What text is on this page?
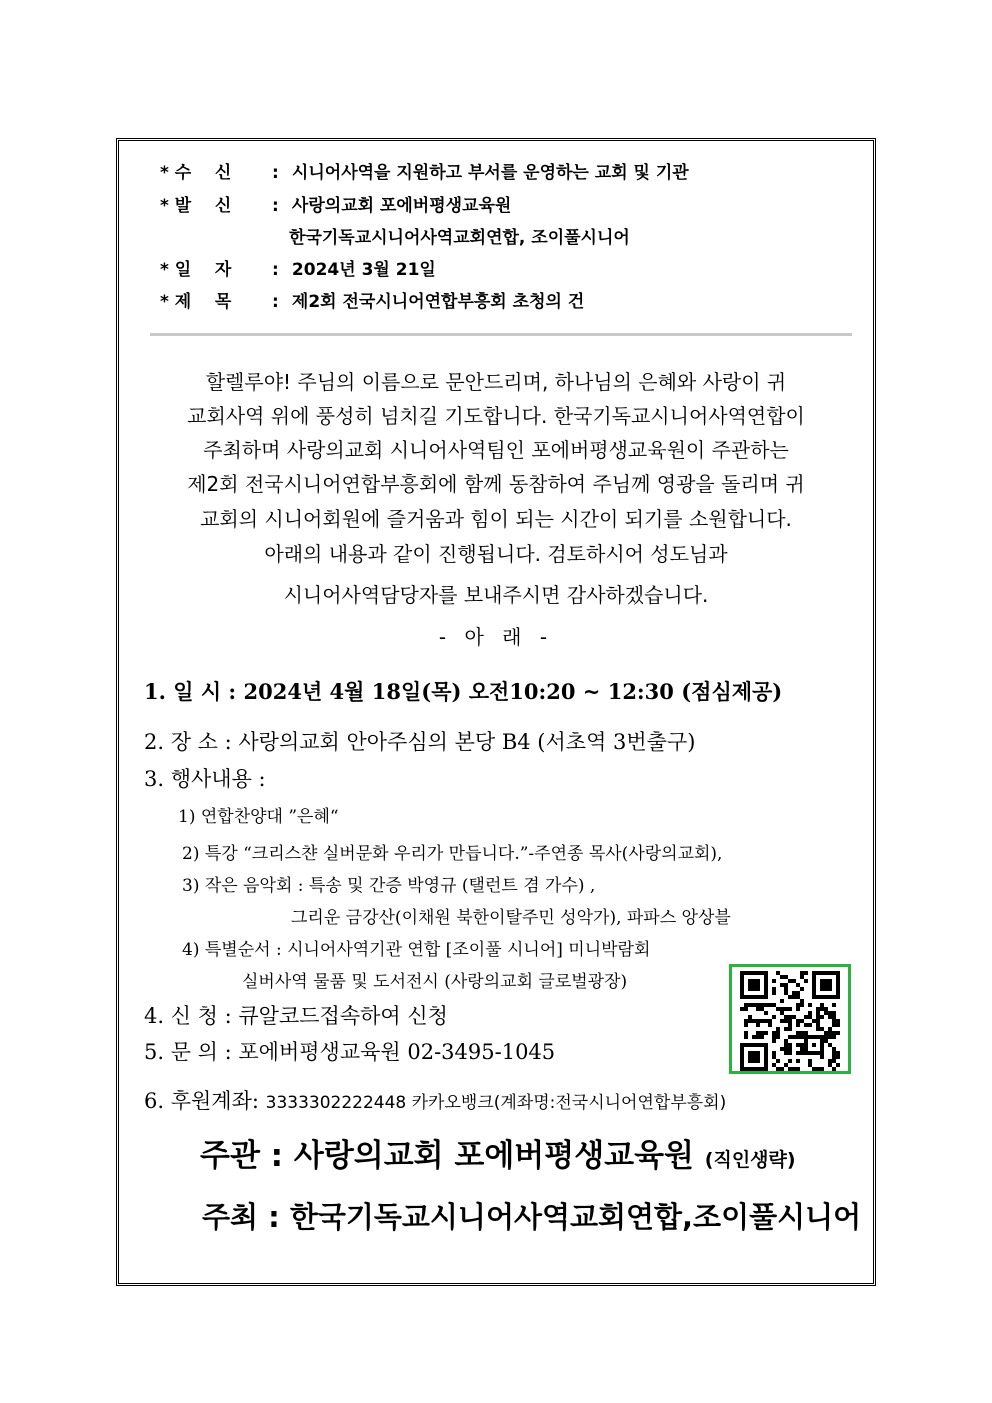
* 수    신 : 시니어사역을 지원하고 부서를 운영하는 교회 및 기관
* 발    신 : 사랑의교회 포에버평생교육원
한국기독교시니어사역교회연합, 조이풀시니어
* 일    자 : 2024년 3월 21일
* 제    목 : 제2회 전국시니어연합부흥회 초청의 건
할렐루야! 주님의 이름으로 문안드리며, 하나님의 은혜와 사랑이 귀
교회사역 위에 풍성히 넘치길 기도합니다. 한국기독교시니어사역연합이
주최하며 사랑의교회 시니어사역팀인 포에버평생교육원이 주관하는
제2회 전국시니어연합부흥회에 함께 동참하여 주님께 영광을 돌리며 귀
교회의 시니어회원에 즐거움과 힘이 되는 시간이 되기를 소원합니다.
아래의 내용과 같이 진행됩니다. 검토하시어 성도님과
시니어사역담당자를 보내주시면 감사하겠습니다.
- 아 래 -
1. 일 시 : 2024년 4월 18일(목) 오전10:20 ~ 12:30 (점심제공)
2. 장 소 : 사랑의교회 안아주심의 본당 B4 (서초역 3번출구)
3. 행사내용 :
1) 연합찬양대 ”은혜“
2) 특강 “크리스챤 실버문화 우리가 만듭니다.”-주연종 목사(사랑의교회),
3) 작은 음악회 : 특송 및 간증 박영규 (탤런트 겸 가수) ,
그리운 금강산(이채원 북한이탈주민 성악가), 파파스 앙상블
4) 특별순서 : 시니어사역기관 연합 [조이풀 시니어] 미니박람회
실버사역 물품 및 도서전시 (사랑의교회 글로벌광장)
4. 신 청 : 큐알코드접속하여 신청
5. 문 의 : 포에버평생교육원 02-3495-1045
6. 후원계좌: 3333302222448 카카오뱅크(계좌명:전국시니어연합부흥회)
주관 : 사랑의교회 포에버평생교육원 (직인생략)
주최 : 한국기독교시니어사역교회연합,조이풀시니어
